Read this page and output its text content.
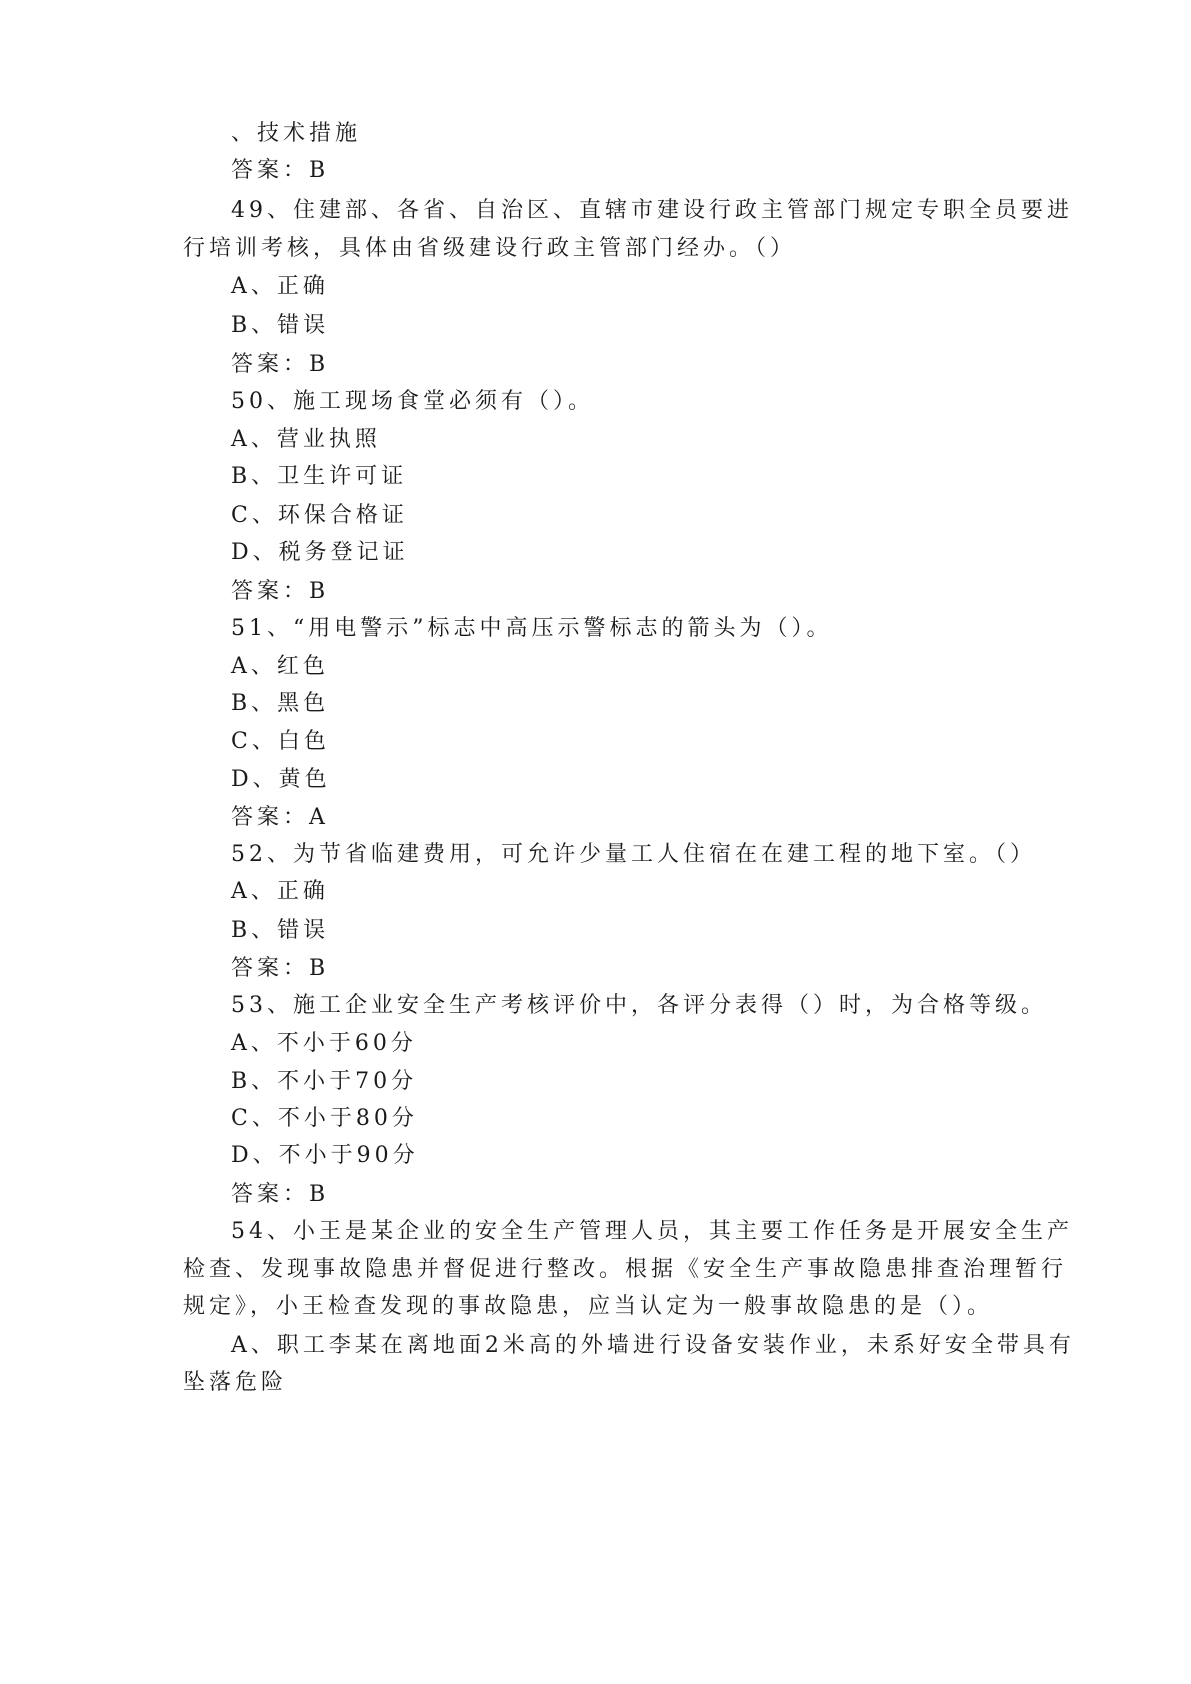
、技术措施
答案：B
49、住建部、各省、自治区、直辖市建设行政主管部门规定专职全员要进
行培训考核，具体由省级建设行政主管部门经办。（）
A、正确
B、错误
答案：B
50、施工现场食堂必须有（）。
A、营业执照
B、卫生许可证
C、环保合格证
D、税务登记证
答案：B
51、“用电警示”标志中高压示警标志的箭头为（）。
A、红色
B、黑色
C、白色
D、黄色
答案：A
52、为节省临建费用，可允许少量工人住宿在在建工程的地下室。（）
A、正确
B、错误
答案：B
53、施工企业安全生产考核评价中，各评分表得（）时，为合格等级。
A、不小于60分
B、不小于70分
C、不小于80分
D、不小于90分
答案：B
54、小王是某企业的安全生产管理人员，其主要工作任务是开展安全生产
检查、发现事故隐患并督促进行整改。根据《安全生产事故隐患排查治理暂行
规定》，小王检查发现的事故隐患，应当认定为一般事故隐患的是（）。
A、职工李某在离地面2米高的外墙进行设备安装作业，未系好安全带具有
坠落危险
